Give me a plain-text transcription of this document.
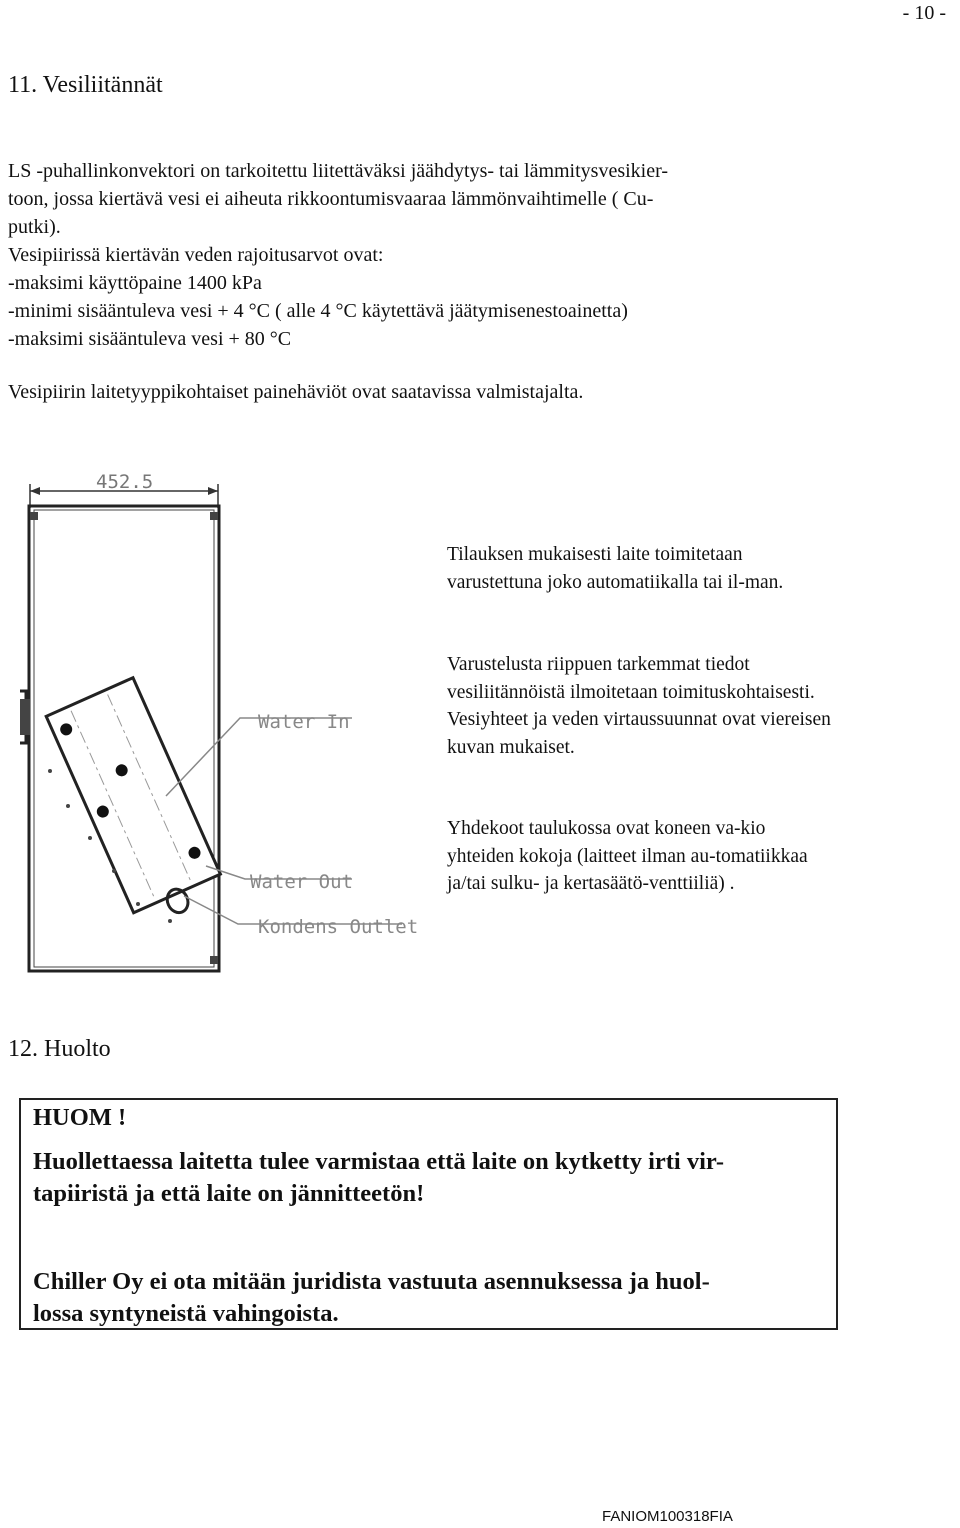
- 10 -
11. Vesiliitännät
LS -puhallinkonvektori on tarkoitettu liitettäväksi jäähdytys- tai lämmitysvesikier-
toon, jossa kiertävä vesi ei aiheuta rikkoontumisvaaraa lämmönvaihtimelle ( Cu-
putki).
Vesipiirissä kiertävän veden rajoitusarvot ovat:
-maksimi käyttöpaine 1400 kPa
-minimi sisääntuleva vesi + 4 °C ( alle 4 °C käytettävä jäätymisenestoainetta)
-maksimi sisääntuleva vesi + 80 °C
Vesipiirin laitetyyppikohtaiset painehäviöt ovat saatavissa valmistajalta.
452.5
Water In
Water Out
Kondens Outlet
Tilauksen mukaisesti laite toimitetaan varustettuna joko automatiikalla tai il-man.
Varustelusta riippuen tarkemmat tiedot vesiliitännöistä ilmoitetaan toimituskohtaisesti. Vesiyhteet ja veden virtaussuunnat ovat viereisen kuvan mukaiset.
Yhdekoot taulukossa ovat koneen va-kio yhteiden kokoja (laitteet ilman au-tomatiikkaa ja/tai sulku- ja kertasäätö-venttiiliä) .
12. Huolto
HUOM !
Huollettaessa laitetta tulee varmistaa että laite on kytketty irti vir-
tapiiristä ja että laite on jännitteetön!
Chiller Oy ei ota mitään juridista vastuuta asennuksessa ja huol-
lossa syntyneistä vahingoista.
FANIOM100318FIA
